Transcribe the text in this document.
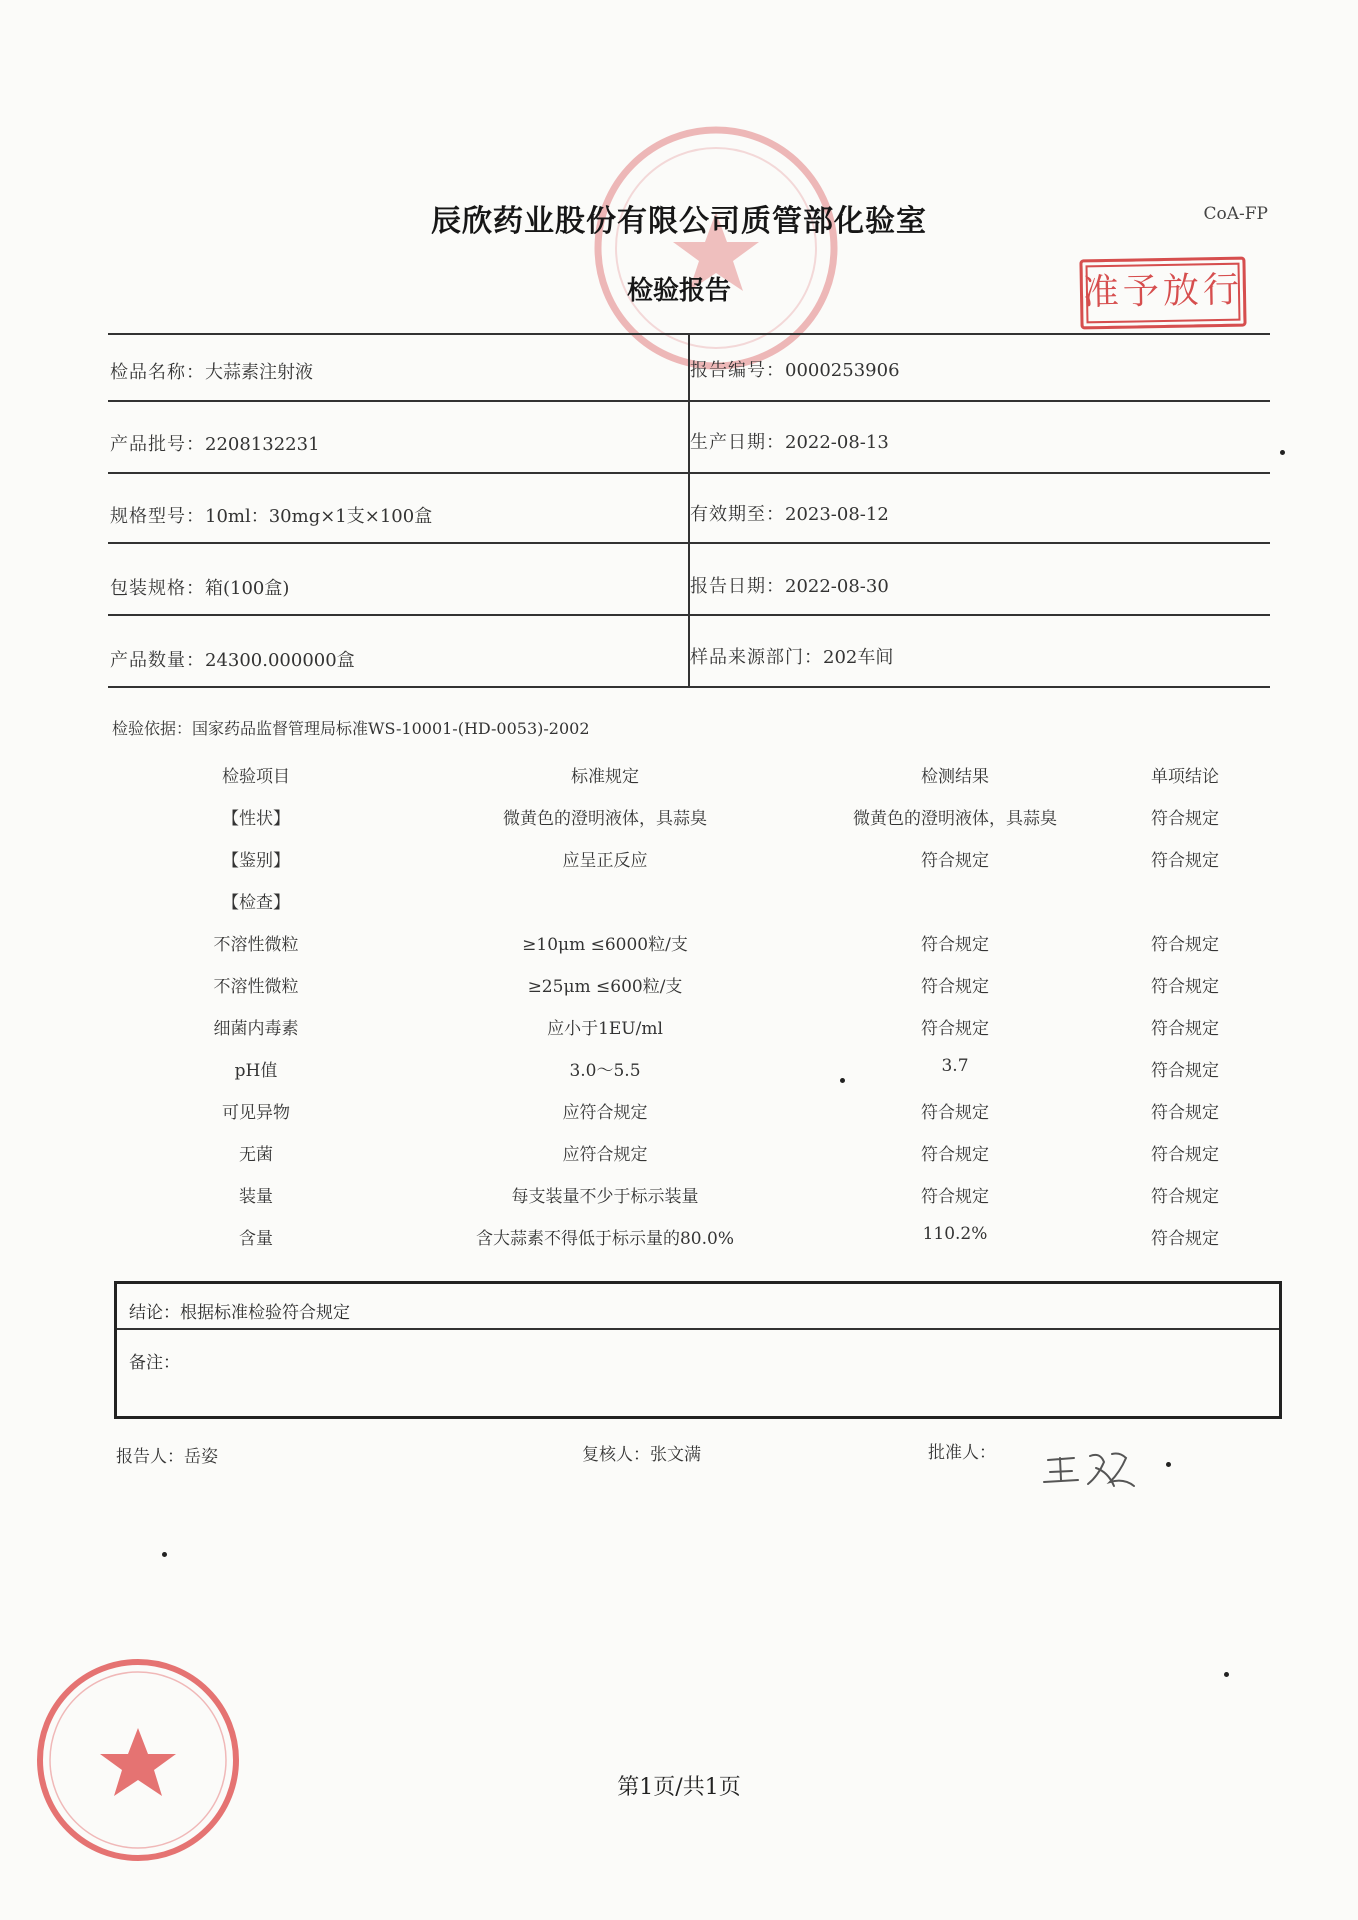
辰欣药业股份有限公司质管部化验室
检验报告
CoA-FP
准予放行
检品名称：大蒜素注射液	报告编号：0000253906
产品批号：2208132231	生产日期：2022-08-13
规格型号：10ml：30mg×1支×100盒	有效期至：2023-08-12
包装规格：箱(100盒)	报告日期：2022-08-30
产品数量：24300.000000盒	样品来源部门：202车间
检验依据：国家药品监督管理局标准WS-10001-(HD-0053)-2002
检验项目	标准规定	检测结果	单项结论
【性状】	微黄色的澄明液体，具蒜臭	微黄色的澄明液体，具蒜臭	符合规定
【鉴别】	应呈正反应	符合规定	符合规定
【检查】
不溶性微粒	≥10μm ≤6000粒/支	符合规定	符合规定
不溶性微粒	≥25μm ≤600粒/支	符合规定	符合规定
细菌内毒素	应小于1EU/ml	符合规定	符合规定
pH值	3.0～5.5	3.7	符合规定
可见异物	应符合规定	符合规定	符合规定
无菌	应符合规定	符合规定	符合规定
装量	每支装量不少于标示装量	符合规定	符合规定
含量	含大蒜素不得低于标示量的80.0%	110.2%	符合规定
结论：根据标准检验符合规定
备注：
报告人：岳姿	复核人：张文满	批准人：
第1页/共1页
